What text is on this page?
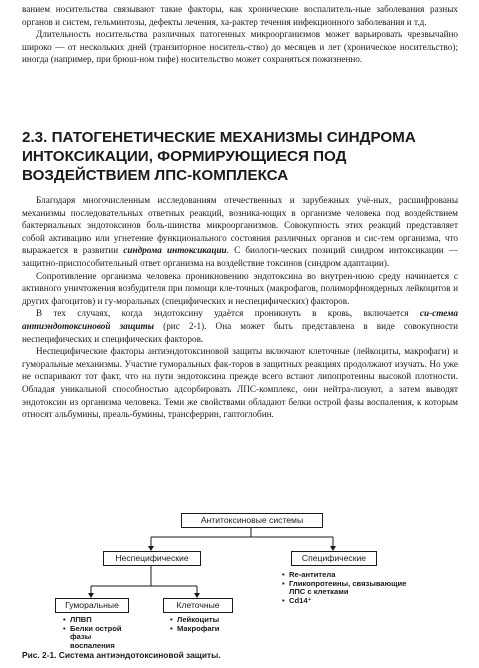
ванием носительства связывают такие факторы, как хронические воспалитель-ные заболевания разных органов и систем, гельминтозы, дефекты лечения, ха-рактер течения инфекционного заболевания и т.д.

Длительность носительства различных патогенных микроорганизмов может варьировать чрезвычайно широко — от нескольких дней (транзиторное носитель-ство) до месяцев и лет (хроническое носительство); иногда (например, при брюш-ном тифе) носительство может сохраняться пожизненно.

2.3. ПАТОГЕНЕТИЧЕСКИЕ МЕХАНИЗМЫ СИНДРОМА ИНТОКСИКАЦИИ, ФОРМИРУЮЩИЕСЯ ПОД ВОЗДЕЙСТВИЕМ ЛПС-КОМПЛЕКСА

Благодаря многочисленным исследованиям отечественных и зарубежных учё-ных, расшифрованы механизмы последовательных ответных реакций, возника-ющих в организме человека под воздействием бактериальных эндотоксинов боль-шинства микроорганизмов. Совокупность этих реакций представляет собой активацию или угнетение функционального состояния различных органов и сис-тем организма, что выражается в развитии синдрома интоксикации. С биологи-ческих позиций синдром интоксикации — защитно-приспособительный ответ организма на воздействие токсинов (синдром адаптации).

Сопротивление организма человека проникновению эндотоксина во внутрен-нюю среду начинается с активного уничтожения возбудителя при помощи кле-точных (макрофагов, полиморфноядерных лейкоцитов и других фагоцитов) и гу-моральных (специфических и неспецифических) факторов.

В тех случаях, когда эндотоксину удаётся проникнуть в кровь, включается си-стема антиэндотоксиновой защиты (рис 2-1). Она может быть представлена в виде совокупности неспецифических и специфических факторов.

Неспецифические факторы антиэндотоксиновой защиты включают клеточные (лейкоциты, макрофаги) и гуморальные механизмы. Участие гуморальных фак-торов в защитных реакциях продолжают изучать. Но уже не оспаривают тот факт, что на пути эндотоксина прежде всего встают липопротеины высокой плотности. Обладая уникальной способностью адсорбировать ЛПС-комплекс, они нейтра-лизуют, а затем выводят эндотоксин из организма человека. Теми же свойствами обладают белки острой фазы воспаления, к которым относят альбумины, преаль-бумины, трансферрин, гаптоглобин.

Антитоксиновые системы
Неспецифические	Специфические
Гуморальные	Клеточные
• Re-антитела
• Гликопротеины, связывающие ЛПС с клетками
• Cd14⁺
• ЛПВП
• Белки острой фазы воспаления
• Лейкоциты
• Макрофаги
Рис. 2-1. Система антиэндотоксиновой защиты.
